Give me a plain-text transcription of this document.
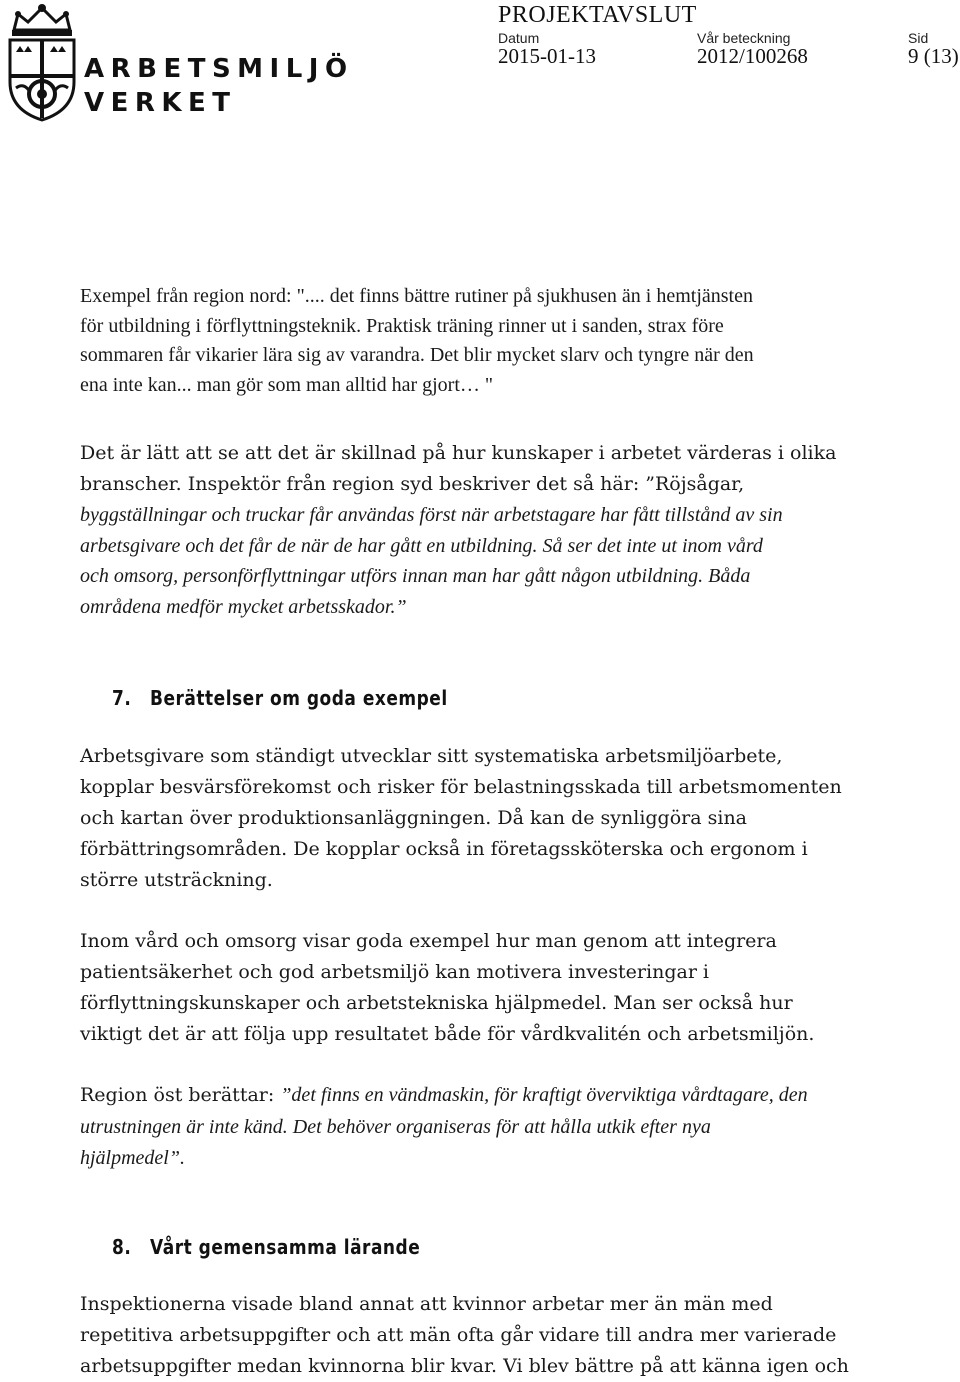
ARBETSMILJÖ
VERKET
PROJEKTAVSLUT
Datum
2015-01-13
Vår beteckning
2012/100268
Sid
9 (13)
Exempel från region nord: ".... det finns bättre rutiner på sjukhusen än i hemtjänsten
för utbildning i förflyttningsteknik. Praktisk träning rinner ut i sanden, strax före
sommaren får vikarier lära sig av varandra. Det blir mycket slarv och tyngre när den
ena inte kan... man gör som man alltid har gjort… "
Det är lätt att se att det är skillnad på hur kunskaper i arbetet värderas i olika
branscher. Inspektör från region syd beskriver det så här: ”Röjsågar,
byggställningar och truckar får användas först när arbetstagare har fått tillstånd av sin
arbetsgivare och det får de när de har gått en utbildning. Så ser det inte ut inom vård
och omsorg, personförflyttningar utförs innan man har gått någon utbildning. Båda
områdena medför mycket arbetsskador.”
7. Berättelser om goda exempel
Arbetsgivare som ständigt utvecklar sitt systematiska arbetsmiljöarbete,
kopplar besvärsförekomst och risker för belastningsskada till arbetsmomenten
och kartan över produktionsanläggningen. Då kan de synliggöra sina
förbättringsområden. De kopplar också in företagssköterska och ergonom i
större utsträckning.
Inom vård och omsorg visar goda exempel hur man genom att integrera
patientsäkerhet och god arbetsmiljö kan motivera investeringar i
förflyttningskunskaper och arbetstekniska hjälpmedel. Man ser också hur
viktigt det är att följa upp resultatet både för vårdkvalitén och arbetsmiljön.
Region öst berättar: ”det finns en vändmaskin, för kraftigt överviktiga vårdtagare, den
utrustningen är inte känd. Det behöver organiseras för att hålla utkik efter nya
hjälpmedel”.
8. Vårt gemensamma lärande
Inspektionerna visade bland annat att kvinnor arbetar mer än män med
repetitiva arbetsuppgifter och att män ofta går vidare till andra mer varierade
arbetsuppgifter medan kvinnorna blir kvar. Vi blev bättre på att känna igen och
